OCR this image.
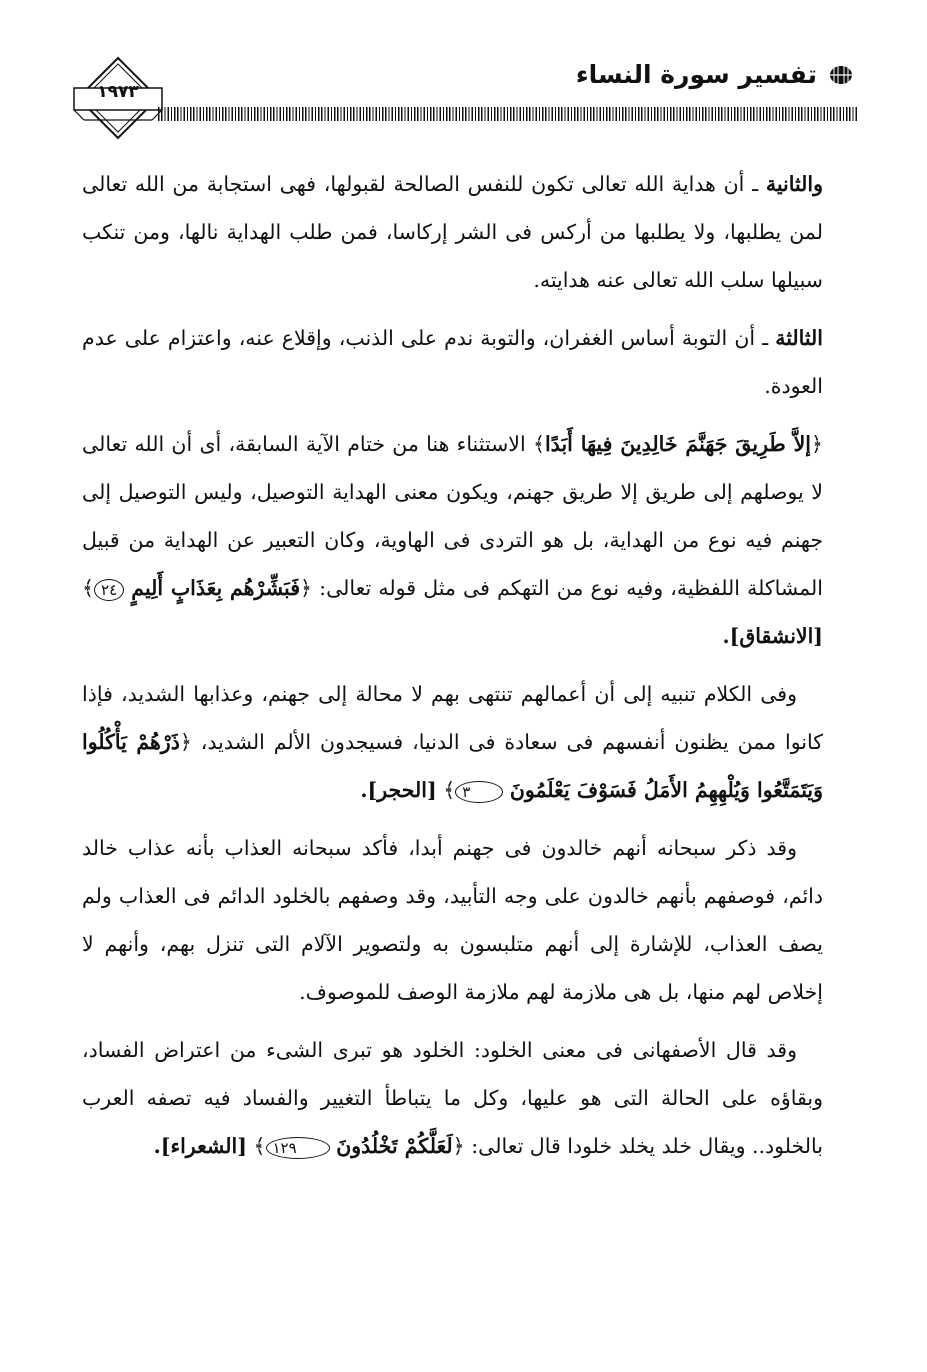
١٩٧٣
تفسير سورة النساء

والثانية ـ أن هداية الله تعالى تكون للنفس الصالحة لقبولها، فهى استجابة من الله تعالى لمن يطلبها، ولا يطلبها من أركس فى الشر إركاسا، فمن طلب الهداية نالها، ومن تنكب سبيلها سلب الله تعالى عنه هدايته.

الثالثة ـ أن التوبة أساس الغفران، والتوبة ندم على الذنب، وإقلاع عنه، واعتزام على عدم العودة.

﴿إلاَّ طَرِيقَ جَهَنَّمَ خَالِدِينَ فِيهَا أَبَدًا﴾ الاستثناء هنا من ختام الآية السابقة، أى أن الله تعالى لا يوصلهم إلى طريق إلا طريق جهنم، ويكون معنى الهداية التوصيل، وليس التوصيل إلى جهنم فيه نوع من الهداية، بل هو التردى فى الهاوية، وكان التعبير عن الهداية من قبيل المشاكلة اللفظية، وفيه نوع من التهكم فى مثل قوله تعالى: ﴿فَبَشِّرْهُم بِعَذَابٍ أَلِيمٍ ٢٤﴾ [الانشقاق].

وفى الكلام تنبيه إلى أن أعمالهم تنتهى بهم لا محالة إلى جهنم، وعذابها الشديد، فإذا كانوا ممن يظنون أنفسهم فى سعادة فى الدنيا، فسيجدون الألم الشديد، ﴿ذَرْهُمْ يَأْكُلُوا وَيَتَمَتَّعُوا وَيُلْهِهِمُ الأَمَلُ فَسَوْفَ يَعْلَمُونَ ٣﴾ [الحجر].

وقد ذكر سبحانه أنهم خالدون فى جهنم أبدا، فأكد سبحانه العذاب بأنه عذاب خالد دائم، فوصفهم بأنهم خالدون على وجه التأبيد، وقد وصفهم بالخلود الدائم فى العذاب ولم يصف العذاب، للإشارة إلى أنهم متلبسون به ولتصوير الآلام التى تنزل بهم، وأنهم لا إخلاص لهم منها، بل هى ملازمة لهم ملازمة الوصف للموصوف.

وقد قال الأصفهانى فى معنى الخلود: الخلود هو تبرى الشىء من اعتراض الفساد، وبقاؤه على الحالة التى هو عليها، وكل ما يتباطأ التغيير والفساد فيه تصفه العرب بالخلود.. ويقال خلد يخلد خلودا قال تعالى: ﴿لَعَلَّكُمْ تَخْلُدُونَ ١٢٩﴾ [الشعراء].
